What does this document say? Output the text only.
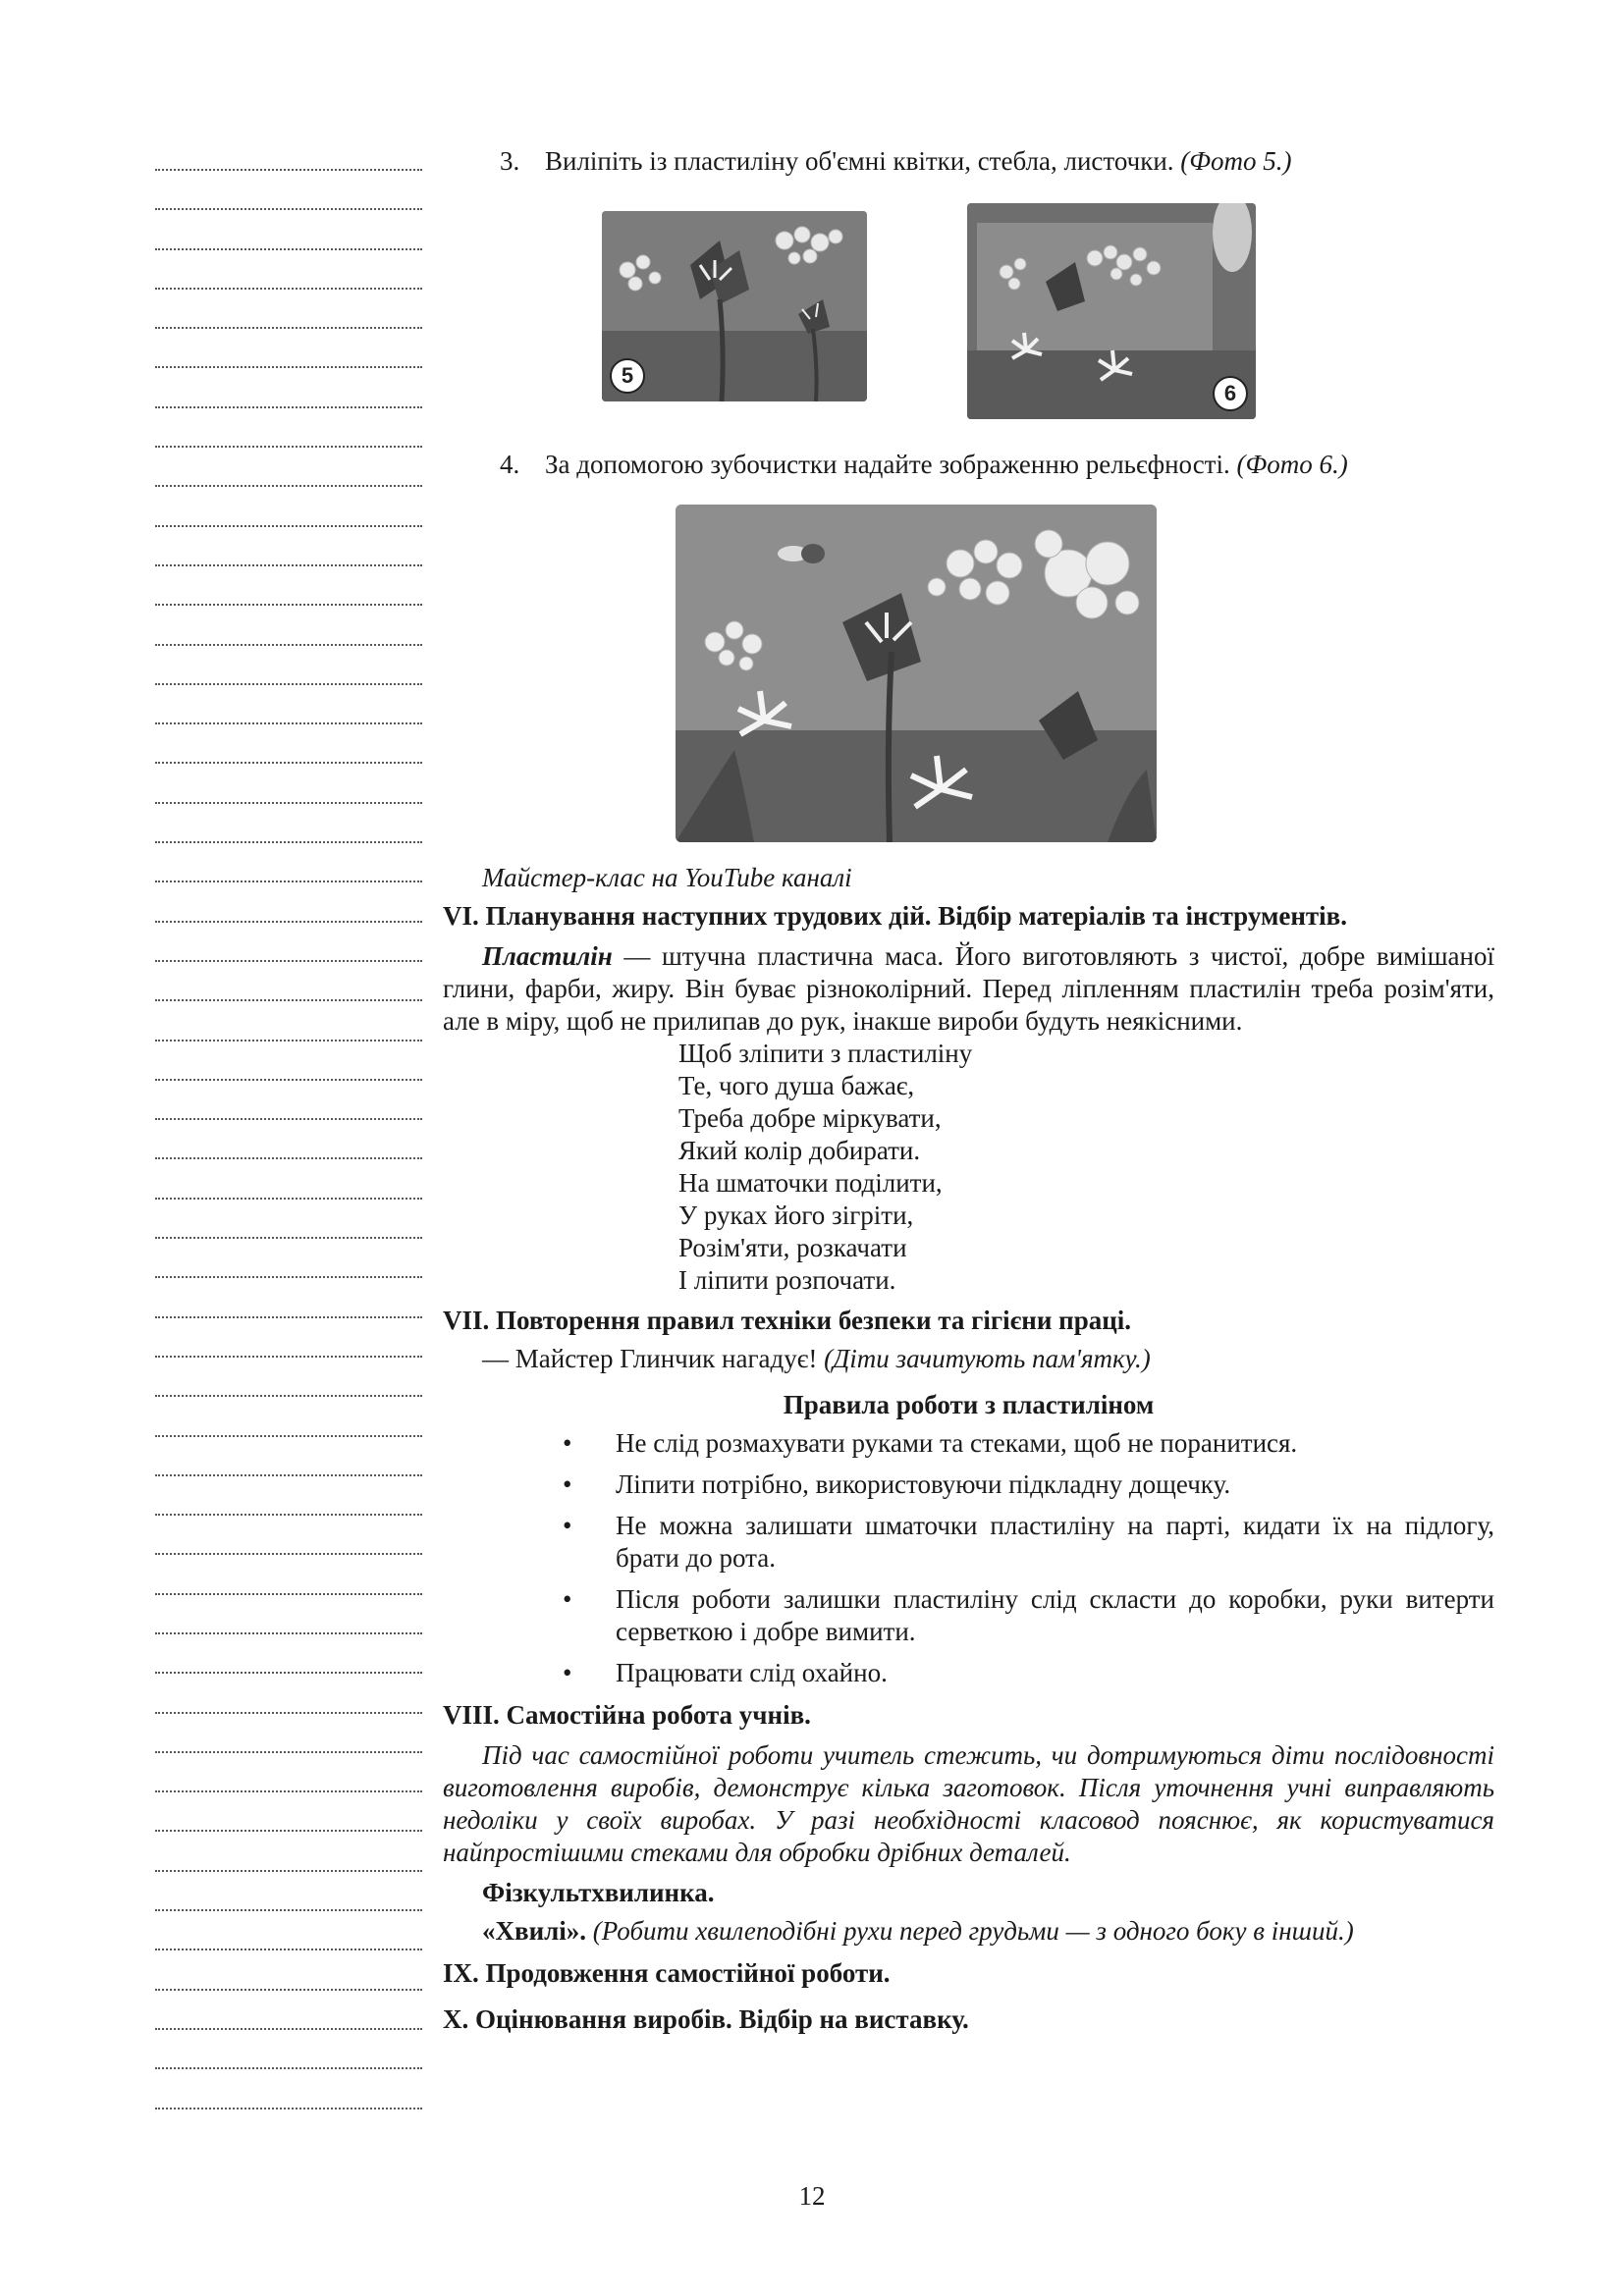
3. Виліпіть із пластиліну об'ємні квітки, стебла, листочки. (Фото 5.)

5
6

4. За допомогою зубочистки надайте зображенню рельєфності. (Фото 6.)

Майстер-клас на YouTube каналі

VI. Планування наступних трудових дій. Відбір матеріалів та інструментів.

Пластилін — штучна пластична маса. Його виготовляють з чистої, добре вимішаної глини, фарби, жиру. Він буває різноколірний. Перед ліпленням пластилін треба розім'яти, але в міру, щоб не прилипав до рук, інакше вироби будуть неякісними.

Щоб зліпити з пластиліну

Те, чого душа бажає,

Треба добре міркувати,

Який колір добирати.

На шматочки поділити,

У руках його зігріти,

Розім'яти, розкачати

І ліпити розпочати.

VII. Повторення правил техніки безпеки та гігієни праці.

— Майстер Глинчик нагадує! (Діти зачитують пам'ятку.)

Правила роботи з пластиліном

• Не слід розмахувати руками та стеками, щоб не поранитися.
• Ліпити потрібно, використовуючи підкладну дощечку.
• Не можна залишати шматочки пластиліну на парті, кидати їх на підлогу, брати до рота.
• Після роботи залишки пластиліну слід скласти до коробки, руки витерти серветкою і добре вимити.
• Працювати слід охайно.

VIII. Самостійна робота учнів.

Під час самостійної роботи учитель стежить, чи дотримуються діти послідовності виготовлення виробів, демонструє кілька заготовок. Після уточнення учні виправляють недоліки у своїх виробах. У разі необхідності класовод пояснює, як користуватися найпростішими стеками для обробки дрібних деталей.

Фізкультхвилинка.

«Хвилі». (Робити хвилеподібні рухи перед грудьми — з одного боку в інший.)

IX. Продовження самостійної роботи.

X. Оцінювання виробів. Відбір на виставку.

12
